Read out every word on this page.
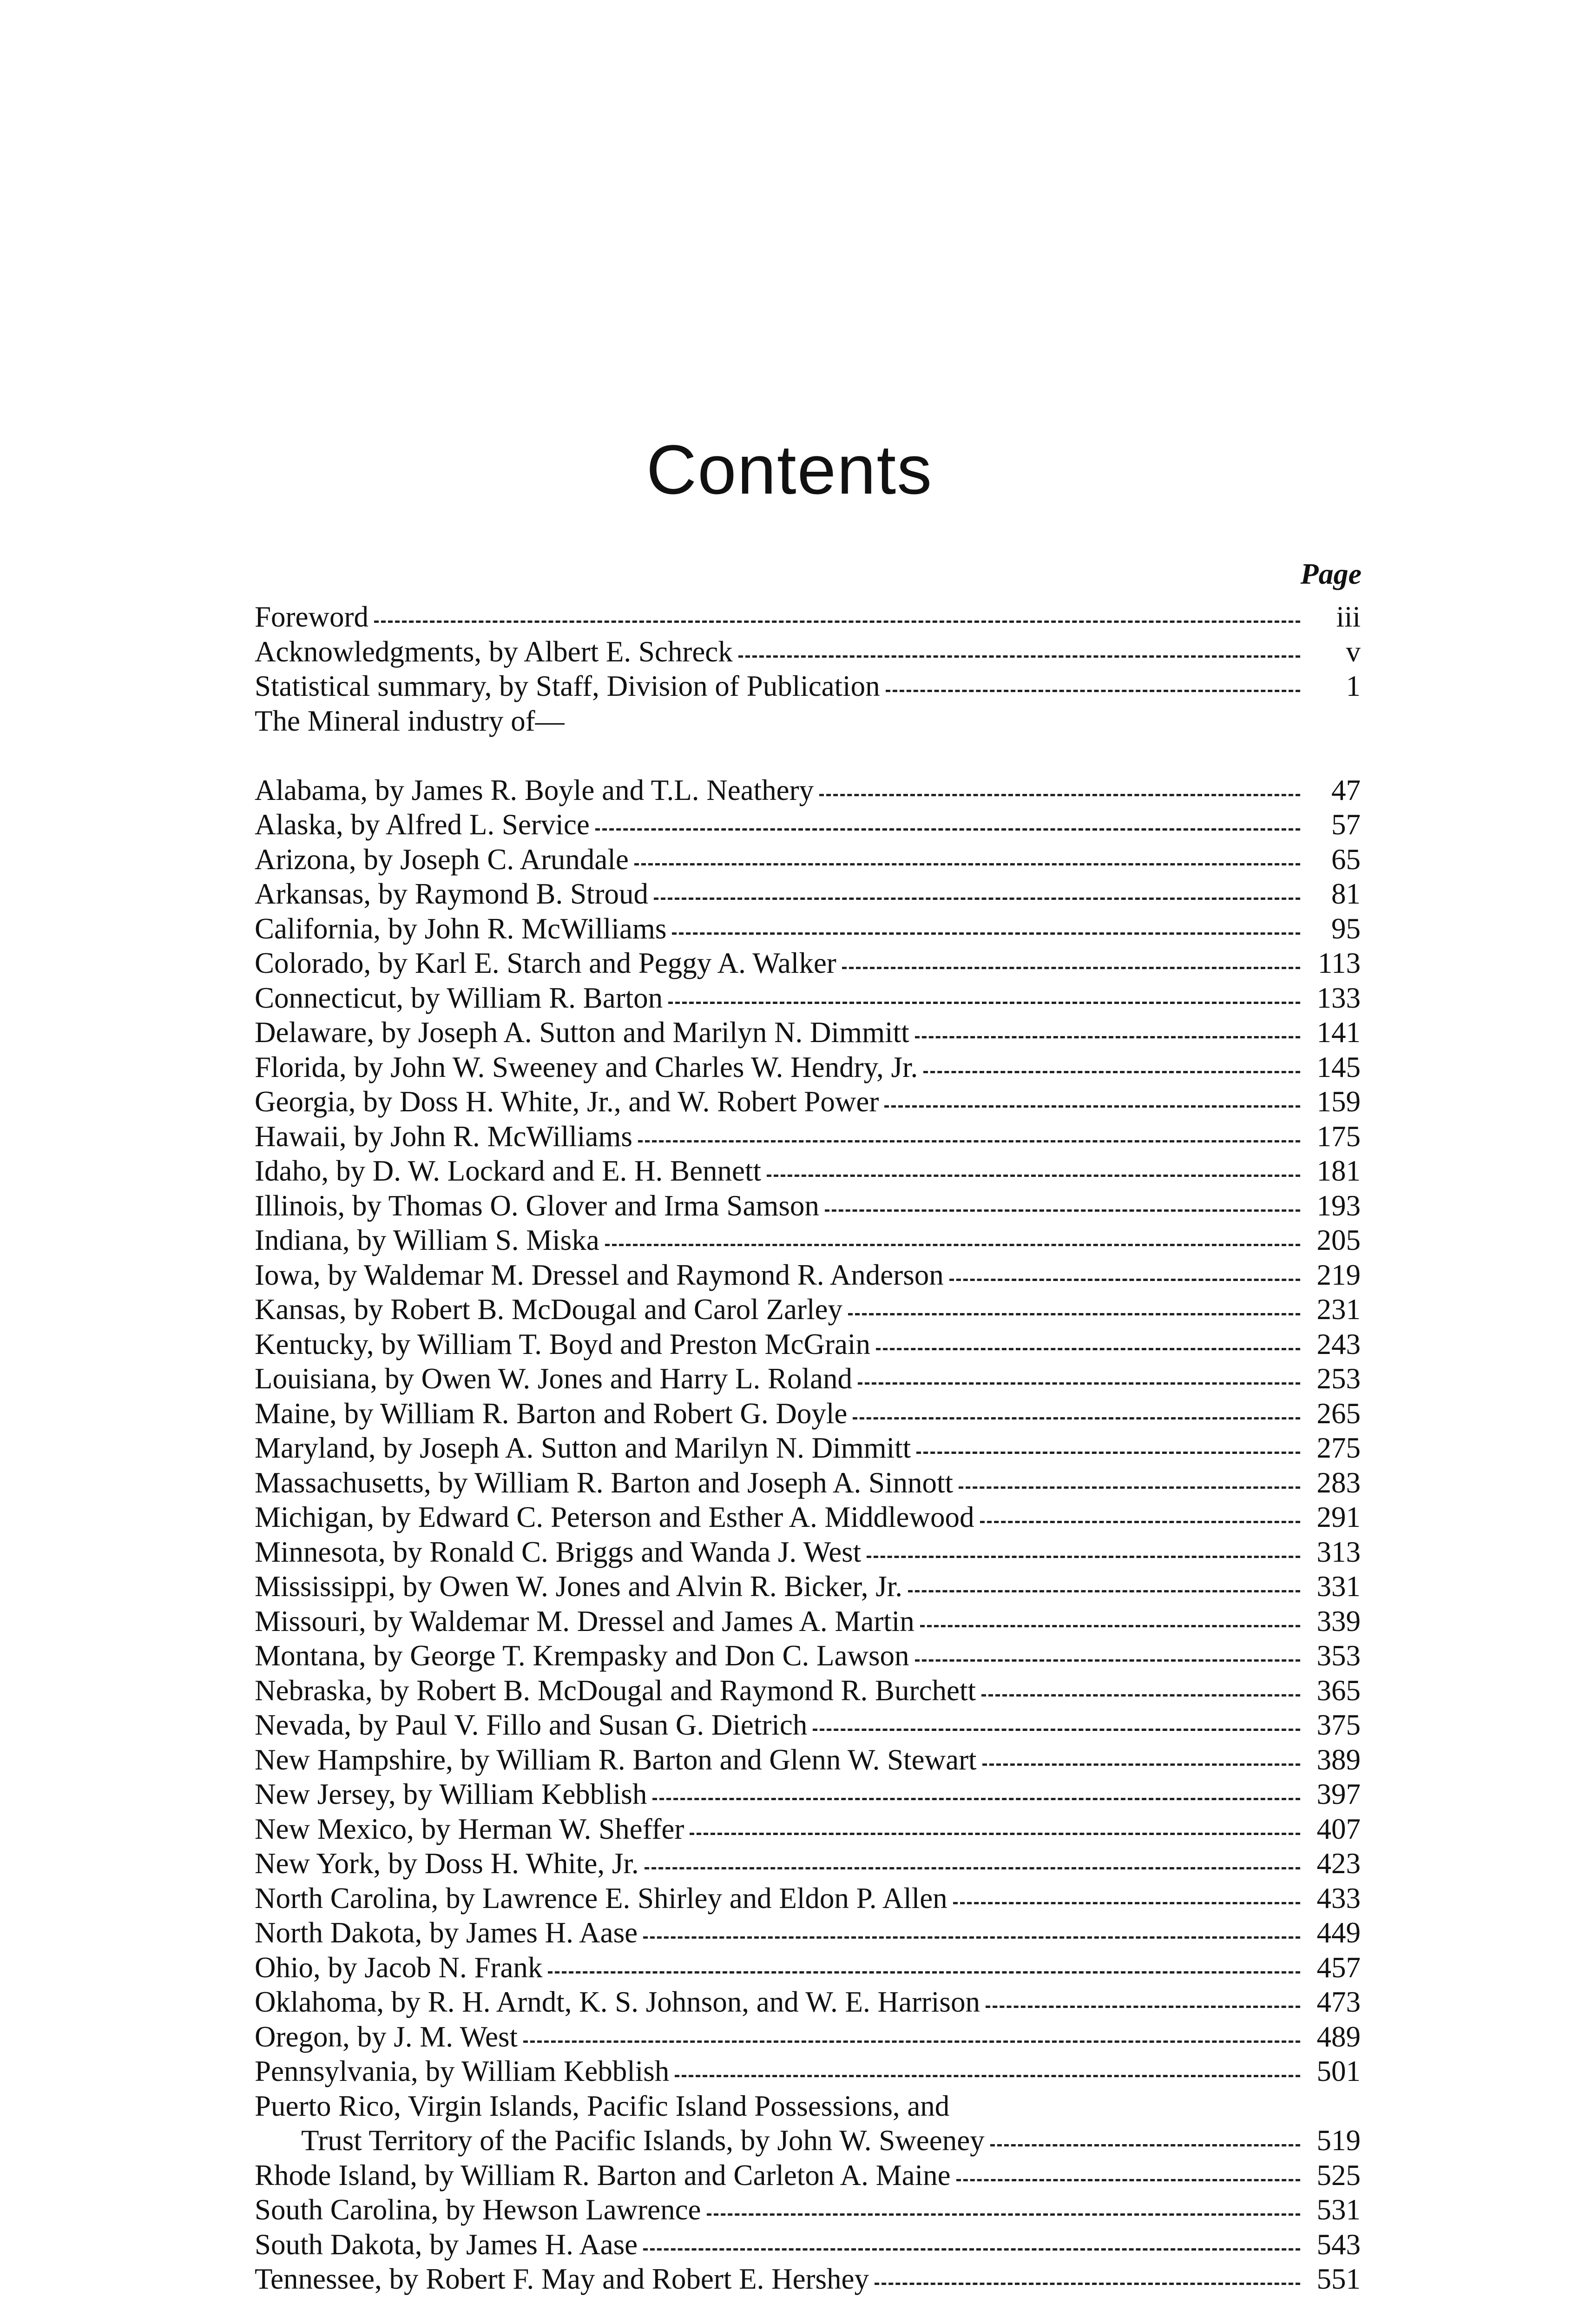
Contents
Page
Foreword	iii
Acknowledgments, by Albert E. Schreck	v
Statistical summary, by Staff, Division of Publication	1
The Mineral industry of—
Alabama, by James R. Boyle and T.L. Neathery	47
Alaska, by Alfred L. Service	57
Arizona, by Joseph C. Arundale	65
Arkansas, by Raymond B. Stroud	81
California, by John R. McWilliams	95
Colorado, by Karl E. Starch and Peggy A. Walker	113
Connecticut, by William R. Barton	133
Delaware, by Joseph A. Sutton and Marilyn N. Dimmitt	141
Florida, by John W. Sweeney and Charles W. Hendry, Jr.	145
Georgia, by Doss H. White, Jr., and W. Robert Power	159
Hawaii, by John R. McWilliams	175
Idaho, by D. W. Lockard and E. H. Bennett	181
Illinois, by Thomas O. Glover and Irma Samson	193
Indiana, by William S. Miska	205
Iowa, by Waldemar M. Dressel and Raymond R. Anderson	219
Kansas, by Robert B. McDougal and Carol Zarley	231
Kentucky, by William T. Boyd and Preston McGrain	243
Louisiana, by Owen W. Jones and Harry L. Roland	253
Maine, by William R. Barton and Robert G. Doyle	265
Maryland, by Joseph A. Sutton and Marilyn N. Dimmitt	275
Massachusetts, by William R. Barton and Joseph A. Sinnott	283
Michigan, by Edward C. Peterson and Esther A. Middlewood	291
Minnesota, by Ronald C. Briggs and Wanda J. West	313
Mississippi, by Owen W. Jones and Alvin R. Bicker, Jr.	331
Missouri, by Waldemar M. Dressel and James A. Martin	339
Montana, by George T. Krempasky and Don C. Lawson	353
Nebraska, by Robert B. McDougal and Raymond R. Burchett	365
Nevada, by Paul V. Fillo and Susan G. Dietrich	375
New Hampshire, by William R. Barton and Glenn W. Stewart	389
New Jersey, by William Kebblish	397
New Mexico, by Herman W. Sheffer	407
New York, by Doss H. White, Jr.	423
North Carolina, by Lawrence E. Shirley and Eldon P. Allen	433
North Dakota, by James H. Aase	449
Ohio, by Jacob N. Frank	457
Oklahoma, by R. H. Arndt, K. S. Johnson, and W. E. Harrison	473
Oregon, by J. M. West	489
Pennsylvania, by William Kebblish	501
Puerto Rico, Virgin Islands, Pacific Island Possessions, and
Trust Territory of the Pacific Islands, by John W. Sweeney	519
Rhode Island, by William R. Barton and Carleton A. Maine	525
South Carolina, by Hewson Lawrence	531
South Dakota, by James H. Aase	543
Tennessee, by Robert F. May and Robert E. Hershey	551
